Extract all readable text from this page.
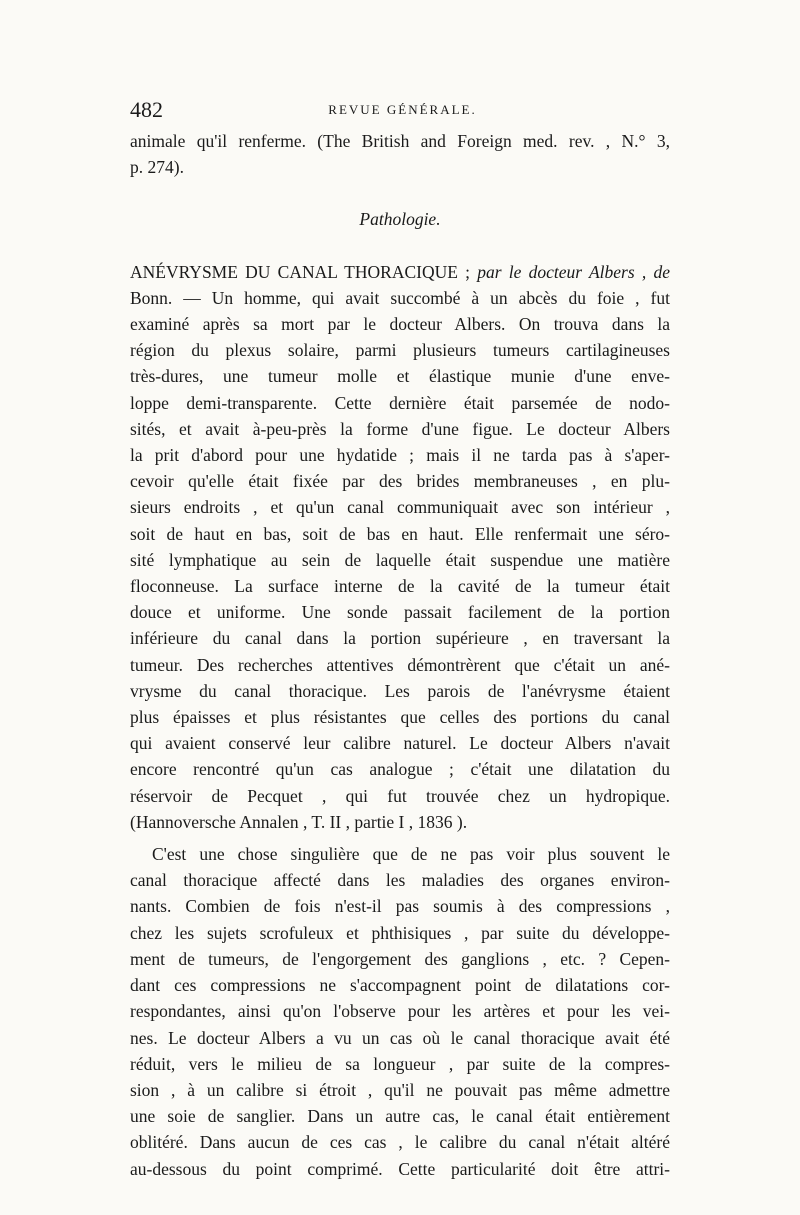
482	REVUE GÉNÉRALE.
animale qu'il renferme. (The British and Foreign med. rev. , N.° 3,
p. 274).
Pathologie.
ANÉVRYSME DU CANAL THORACIQUE ; par le docteur Albers , de
Bonn. — Un homme, qui avait succombé à un abcès du foie , fut
examiné après sa mort par le docteur Albers. On trouva dans la
région du plexus solaire, parmi plusieurs tumeurs cartilagineuses
très-dures, une tumeur molle et élastique munie d'une enve-
loppe demi-transparente. Cette dernière était parsemée de nodo-
sités, et avait à-peu-près la forme d'une figue. Le docteur Albers
la prit d'abord pour une hydatide ; mais il ne tarda pas à s'aper-
cevoir qu'elle était fixée par des brides membraneuses , en plu-
sieurs endroits , et qu'un canal communiquait avec son intérieur ,
soit de haut en bas, soit de bas en haut. Elle renfermait une séro-
sité lymphatique au sein de laquelle était suspendue une matière
floconneuse. La surface interne de la cavité de la tumeur était
douce et uniforme. Une sonde passait facilement de la portion
inférieure du canal dans la portion supérieure , en traversant la
tumeur. Des recherches attentives démontrèrent que c'était un ané-
vrysme du canal thoracique. Les parois de l'anévrysme étaient
plus épaisses et plus résistantes que celles des portions du canal
qui avaient conservé leur calibre naturel. Le docteur Albers n'avait
encore rencontré qu'un cas analogue ; c'était une dilatation du
réservoir de Pecquet , qui fut trouvée chez un hydropique.
(Hannoversche Annalen , T. II , partie I , 1836 ).
C'est une chose singulière que de ne pas voir plus souvent le
canal thoracique affecté dans les maladies des organes environ-
nants. Combien de fois n'est-il pas soumis à des compressions ,
chez les sujets scrofuleux et phthisiques , par suite du développe-
ment de tumeurs, de l'engorgement des ganglions , etc. ? Cepen-
dant ces compressions ne s'accompagnent point de dilatations cor-
respondantes, ainsi qu'on l'observe pour les artères et pour les vei-
nes. Le docteur Albers a vu un cas où le canal thoracique avait été
réduit, vers le milieu de sa longueur , par suite de la compres-
sion , à un calibre si étroit , qu'il ne pouvait pas même admettre
une soie de sanglier. Dans un autre cas, le canal était entièrement
oblitéré. Dans aucun de ces cas , le calibre du canal n'était altéré
au-dessous du point comprimé. Cette particularité doit être attri-
